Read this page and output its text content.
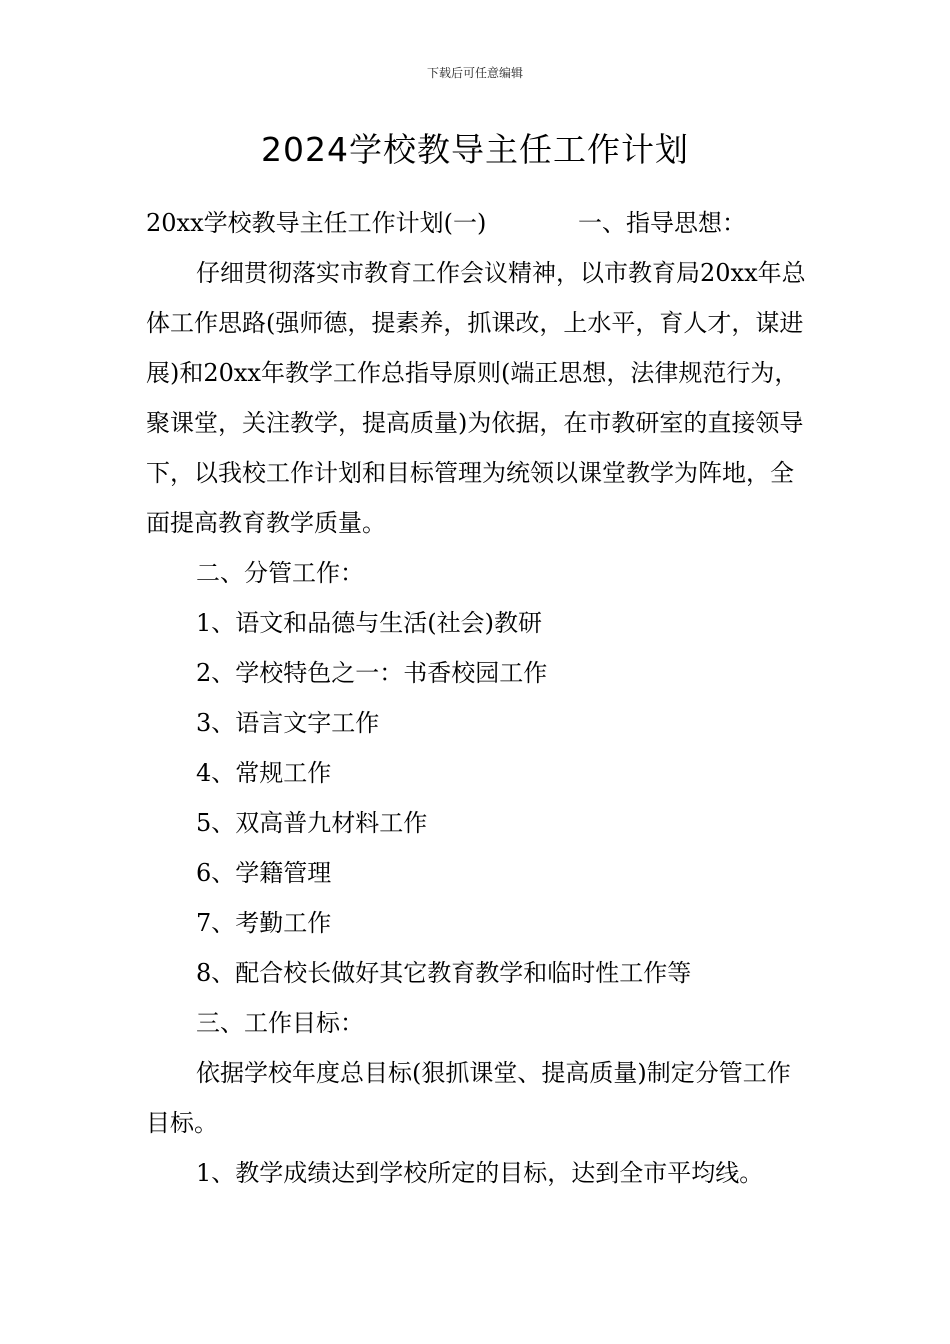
下载后可任意编辑
2024学校教导主任工作计划

20xx学校教导主任工作计划(一)	一、指导思想：

仔细贯彻落实市教育工作会议精神，以市教育局20xx年总体工作思路(强师德，提素养，抓课改，上水平，育人才，谋进展)和20xx年教学工作总指导原则(端正思想，法律规范行为，聚课堂，关注教学，提高质量)为依据，在市教研室的直接领导下，以我校工作计划和目标管理为统领以课堂教学为阵地，全面提高教育教学质量。

二、分管工作：

1、语文和品德与生活(社会)教研

2、学校特色之一：书香校园工作

3、语言文字工作

4、常规工作

5、双高普九材料工作

6、学籍管理

7、考勤工作

8、配合校长做好其它教育教学和临时性工作等

三、工作目标：

依据学校年度总目标(狠抓课堂、提高质量)制定分管工作目标。

1、教学成绩达到学校所定的目标，达到全市平均线。
